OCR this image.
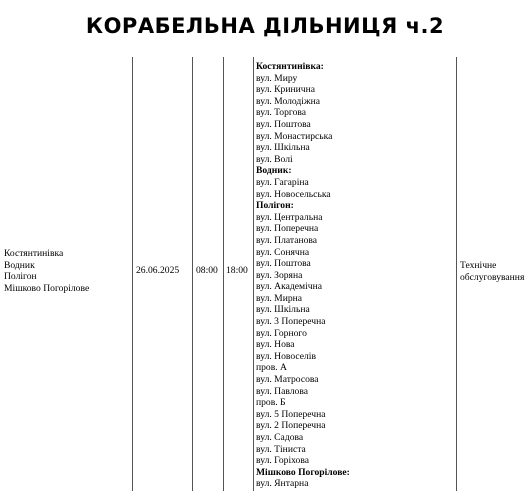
КОРАБЕЛЬНА ДІЛЬНИЦЯ ч.2
Костянтинівка
Водник
Полігон
Мішково Погорілове
26.06.2025 08:00 18:00	Технічне
обслуговування
Костянтинівка:
вул. Миру
вул. Кринична
вул. Молодіжна
вул. Торгова
вул. Поштова
вул. Монастирська
вул. Шкільна
вул. Волі
Водник:
вул. Гагаріна
вул. Новосельська
Полігон:
вул. Центральна
вул. Поперечна
вул. Платанова
вул. Сонячна
вул. Поштова
вул. Зоряна
вул. Академічна
вул. Мирна
вул. Шкільна
вул. 3 Поперечна
вул. Горного
вул. Нова
вул. Новоселів
пров. А
вул. Матросова
вул. Павлова
пров. Б
вул. 5 Поперечна
вул. 2 Поперечна
вул. Садова
вул. Тіниста
вул. Горіхова
Мішково Погорілове:
вул. Янтарна
